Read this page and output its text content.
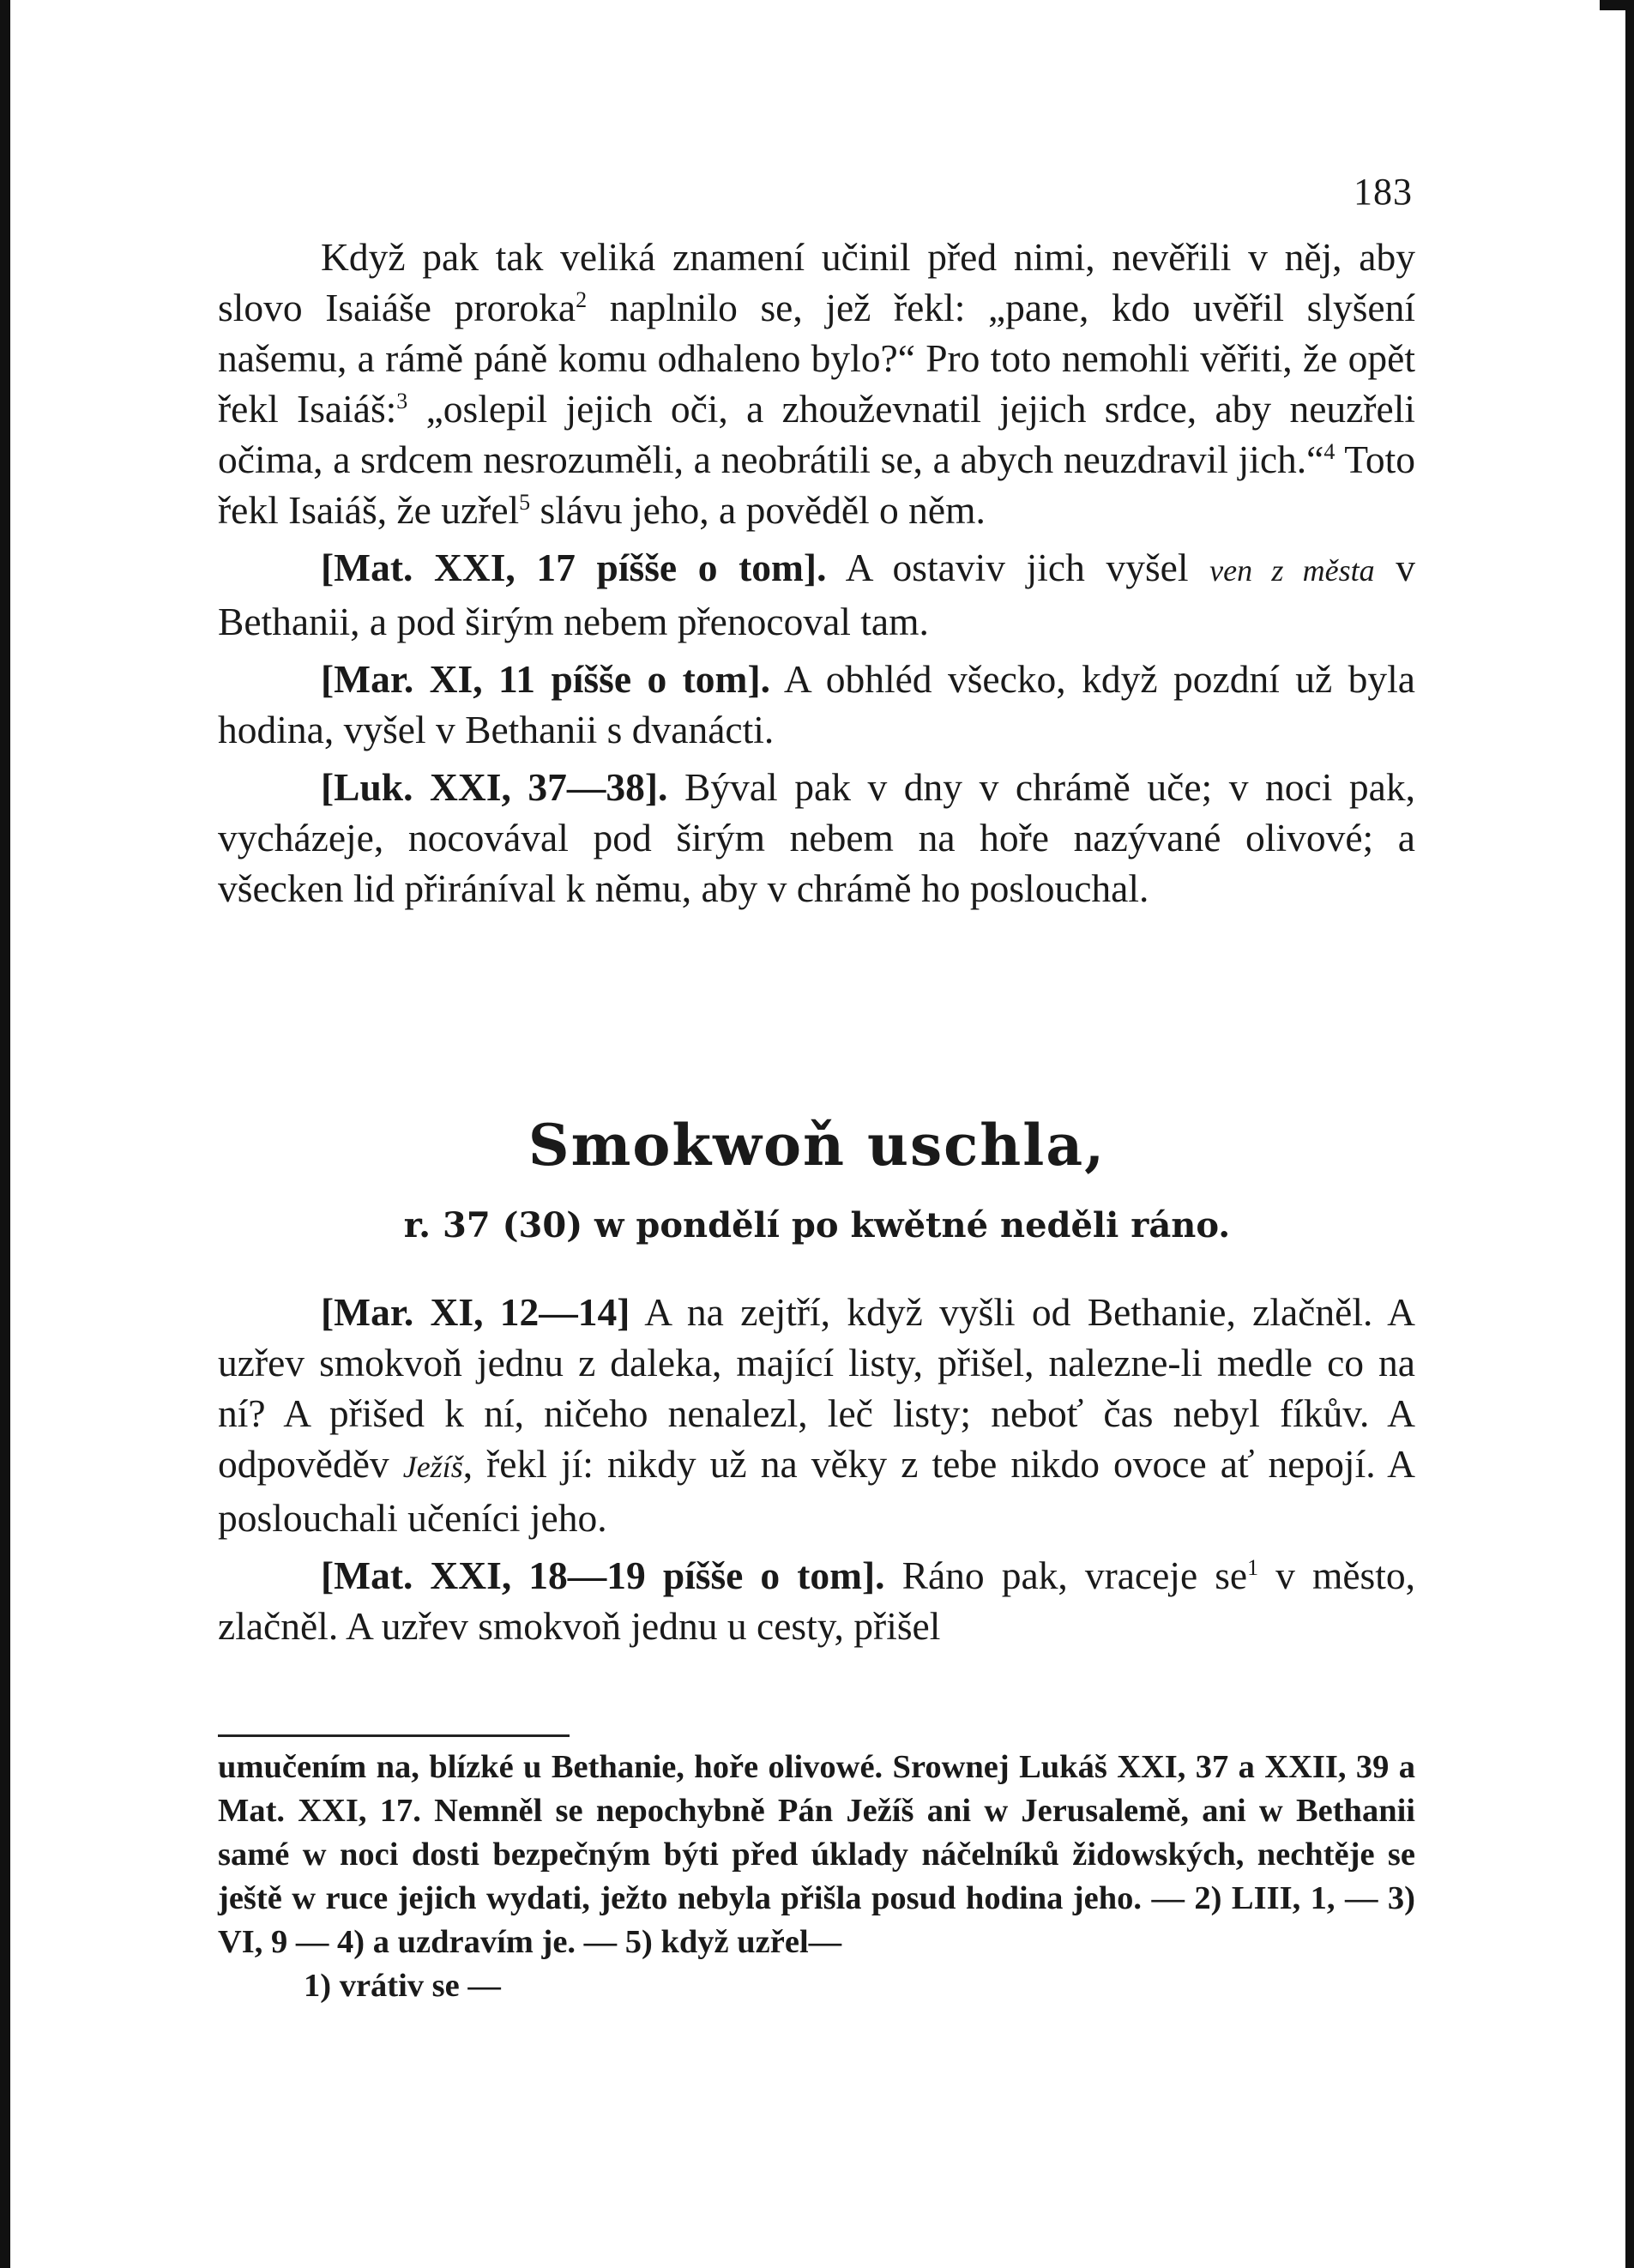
183

Když pak tak veliká znamení učinil před nimi, nevěřili v něj, aby slovo Isaiáše proroka$^2$ naplnilo se, jež řekl: „pane, kdo uvěřil slyšení našemu, a rámě páně komu odhaleno bylo?“ Pro toto nemohli věřiti, že opět řekl Isaiáš:$^3$ „oslepil jejich oči, a zhouževnatil jejich srdce, aby neuzřeli očima, a srdcem nesrozuměli, a neobrátili se, a abych neuzdravil jich.“$^4$ Toto řekl Isaiáš, že uzřel$^5$ slávu jeho, a pověděl o něm.

[Mat. XXI, 17 píšše o tom]. A ostaviv jich vyšel ven z města v Bethanii, a pod širým nebem přenocoval tam.

[Mar. XI, 11 píšše o tom]. A obhléd všecko, když pozdní už byla hodina, vyšel v Bethanii s dvanácti.

[Luk. XXI, 37—38]. Býval pak v dny v chrámě uče; v noci pak, vycházeje, nocovával pod širým nebem na hoře nazývané olivové; a všecken lid přiráníval k němu, aby v chrámě ho poslouchal.

Smokwoň uschla,
r. 37 (30) w pondělí po kwětné neděli ráno.

[Mar. XI, 12—14] A na zejtří, když vyšli od Bethanie, zlačněl. A uzřev smokvoň jednu z daleka, mající listy, přišel, nalezne-li medle co na ní? A přišed k ní, ničeho nenalezl, leč listy; neboť čas nebyl fíkův. A odpověděv Ježíš, řekl jí: nikdy už na věky z tebe nikdo ovoce ať nepojí. A poslouchali učeníci jeho.

[Mat. XXI, 18—19 píšše o tom]. Ráno pak, vraceje $se^1$ v město, zlačněl. A uzřev smokvoň jednu u cesty, přišel

umučením na, blízké u Bethanie, hoře olivowé. Srownej Lukáš XXI, 37 a XXII, 39 a Mat. XXI, 17. Nemněl se nepochybně Pán Ježíš ani w Jerusalemě, ani w Bethanii samé w noci dosti bezpečným býti před úklady náčelníků židowských, nechtěje se ještě w ruce jejich wydati, ježto nebyla přišla posud hodina jeho. — 2) LIII, 1, — 3) VI, 9 — 4) a uzdravím je. — 5) když uzřel—

1) vrátiv se —
